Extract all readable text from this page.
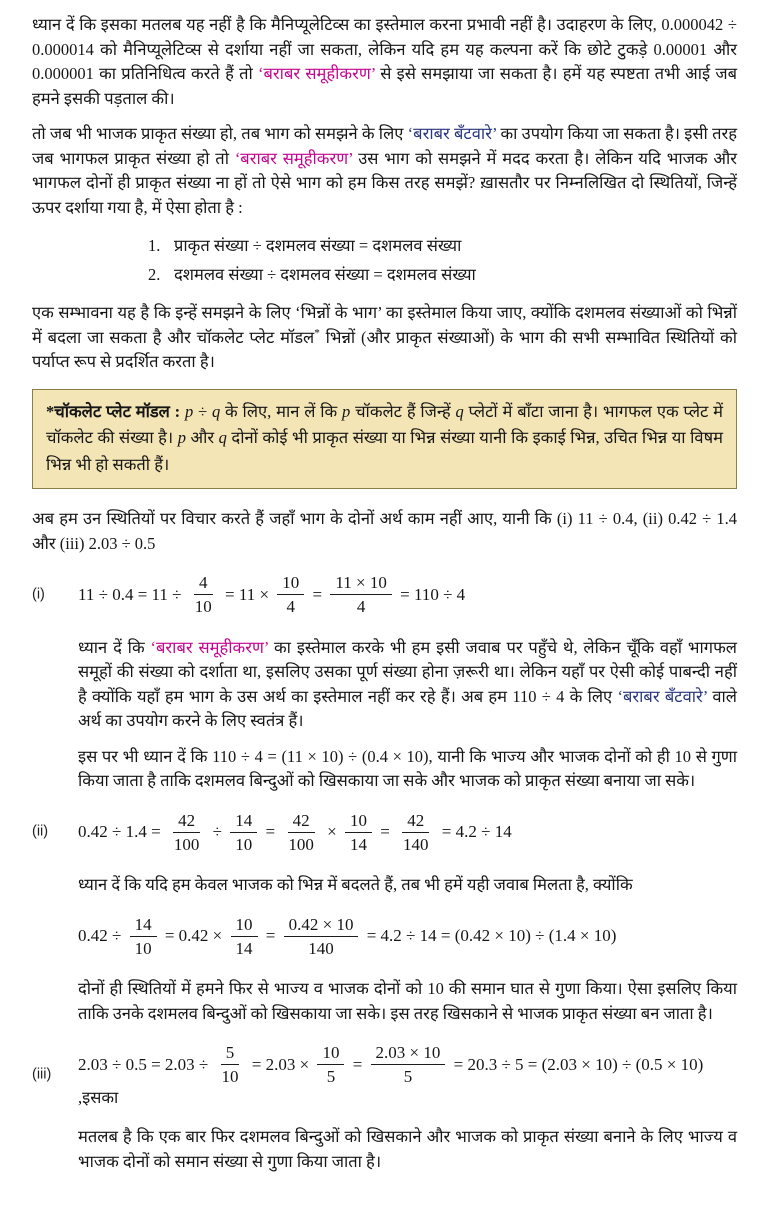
ध्यान दें कि इसका मतलब यह नहीं है कि मैनिप्यूलेटिव्स का इस्तेमाल करना प्रभावी नहीं है। उदाहरण के लिए, 0.000042 ÷ 0.000014 को मैनिप्यूलेटिव्स से दर्शाया नहीं जा सकता, लेकिन यदि हम यह कल्पना करें कि छोटे टुकड़े 0.00001 और 0.000001 का प्रतिनिधित्व करते हैं तो ‘बराबर समूहीकरण’ से इसे समझाया जा सकता है। हमें यह स्पष्टता तभी आई जब हमने इसकी पड़ताल की।

तो जब भी भाजक प्राकृत संख्या हो, तब भाग को समझने के लिए ‘बराबर बँटवारे’ का उपयोग किया जा सकता है। इसी तरह जब भागफल प्राकृत संख्या हो तो ‘बराबर समूहीकरण’ उस भाग को समझने में मदद करता है। लेकिन यदि भाजक और भागफल दोनों ही प्राकृत संख्या ना हों तो ऐसे भाग को हम किस तरह समझें? ख़ासतौर पर निम्नलिखित दो स्थितियों, जिन्हें ऊपर दर्शाया गया है, में ऐसा होता है :

1. प्राकृत संख्या ÷ दशमलव संख्या = दशमलव संख्या
2. दशमलव संख्या ÷ दशमलव संख्या = दशमलव संख्या

एक सम्भावना यह है कि इन्हें समझने के लिए ‘भिन्नों के भाग’ का इस्तेमाल किया जाए, क्योंकि दशमलव संख्याओं को भिन्नों में बदला जा सकता है और चॉकलेट प्लेट मॉडल* भिन्नों (और प्राकृत संख्याओं) के भाग की सभी सम्भावित स्थितियों को पर्याप्त रूप से प्रदर्शित करता है।

*चॉकलेट प्लेट मॉडल : p ÷ q के लिए, मान लें कि p चॉकलेट हैं जिन्हें q प्लेटों में बाँटा जाना है। भागफल एक प्लेट में चॉकलेट की संख्या है। p और q दोनों कोई भी प्राकृत संख्या या भिन्न संख्या यानी कि इकाई भिन्न, उचित भिन्न या विषम भिन्न भी हो सकती हैं।

अब हम उन स्थितियों पर विचार करते हैं जहाँ भाग के दोनों अर्थ काम नहीं आए, यानी कि (i) 11 ÷ 0.4, (ii) 0.42 ÷ 1.4 और (iii) 2.03 ÷ 0.5

(i) $11 \div 0.4 = 11 \div \frac{4}{10} = 11 \times \frac{10}{4} = \frac{11 \times 10}{4} = 110 \div 4$

ध्यान दें कि ‘बराबर समूहीकरण’ का इस्तेमाल करके भी हम इसी जवाब पर पहुँचे थे, लेकिन चूँकि वहाँ भागफल समूहों की संख्या को दर्शाता था, इसलिए उसका पूर्ण संख्या होना ज़रूरी था। लेकिन यहाँ पर ऐसी कोई पाबन्दी नहीं है क्योंकि यहाँ हम भाग के उस अर्थ का इस्तेमाल नहीं कर रहे हैं। अब हम 110 ÷ 4 के लिए ‘बराबर बँटवारे’ वाले अर्थ का उपयोग करने के लिए स्वतंत्र हैं।

इस पर भी ध्यान दें कि 110 ÷ 4 = (11 × 10) ÷ (0.4 × 10), यानी कि भाज्य और भाजक दोनों को ही 10 से गुणा किया जाता है ताकि दशमलव बिन्दुओं को खिसकाया जा सके और भाजक को प्राकृत संख्या बनाया जा सके।

(ii) $0.42 \div 1.4 = \frac{42}{100} \div \frac{14}{10} = \frac{42}{100} \times \frac{10}{14} = \frac{42}{140} = 4.2 \div 14$

ध्यान दें कि यदि हम केवल भाजक को भिन्न में बदलते हैं, तब भी हमें यही जवाब मिलता है, क्योंकि

$0.42 \div \frac{14}{10} = 0.42 \times \frac{10}{14} = \frac{0.42 \times 10}{140} = 4.2 \div 14 = (0.42 \times 10) \div (1.4 \times 10)$

दोनों ही स्थितियों में हमने फिर से भाज्य व भाजक दोनों को 10 की समान घात से गुणा किया। ऐसा इसलिए किया ताकि उनके दशमलव बिन्दुओं को खिसकाया जा सके। इस तरह खिसकाने से भाजक प्राकृत संख्या बन जाता है।

(iii)
$2.03 \div 0.5 = 2.03 \div \frac{5}{10} = 2.03 \times \frac{10}{5} = \frac{2.03 \times 10}{5} = 20.3 \div 5 = (2.03 \times 10) \div (0.5 \times 10)$
,इसका

मतलब है कि एक बार फिर दशमलव बिन्दुओं को खिसकाने और भाजक को प्राकृत संख्या बनाने के लिए भाज्य व भाजक दोनों को समान संख्या से गुणा किया जाता है।
